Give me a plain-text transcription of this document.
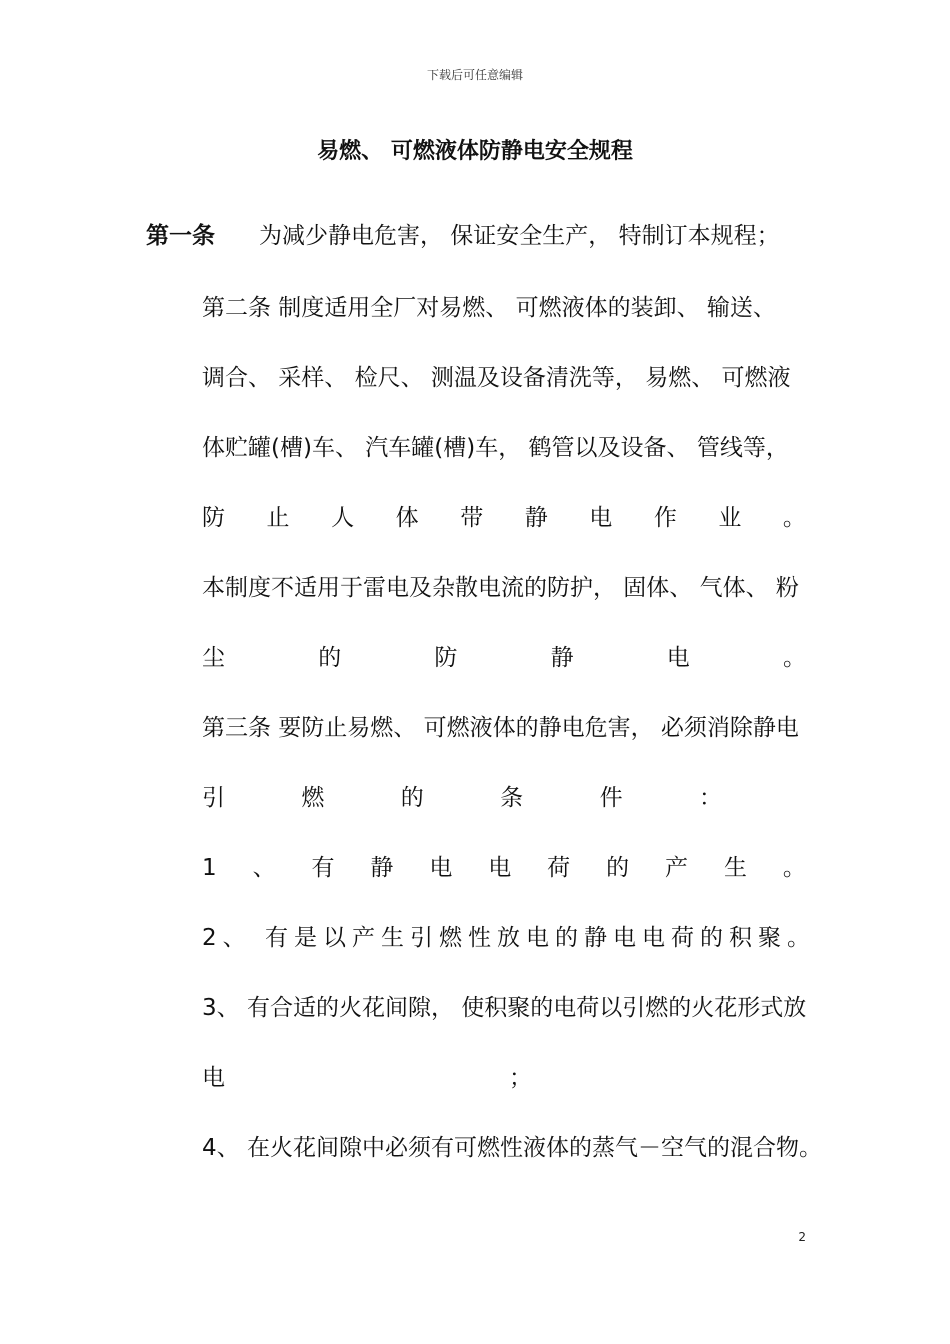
下载后可任意编辑
易燃、 可燃液体防静电安全规程
第一条 为减少静电危害， 保证安全生产， 特制订本规程；
第二条 制度适用全厂对易燃、 可燃液体的装卸、 输送、
调合、 采样、 检尺、 测温及设备清洗等， 易燃、 可燃液
体贮罐(槽)车、 汽车罐(槽)车， 鹤管以及设备、 管线等，
防 止 人 体 带 静 电 作 业 。
本制度不适用于雷电及杂散电流的防护， 固体、 气体、 粉
尘	的	防	静	电	。
第三条 要防止易燃、 可燃液体的静电危害， 必须消除静电
引	燃	的	条	件	：
1 、 有 静 电 电 荷 的 产 生 。
2、 有是以产生引燃性放电的静电电荷的积聚。
3、 有合适的火花间隙， 使积聚的电荷以引燃的火花形式放
电	；
4、 在火花间隙中必须有可燃性液体的蒸气－空气的混合物。
2
